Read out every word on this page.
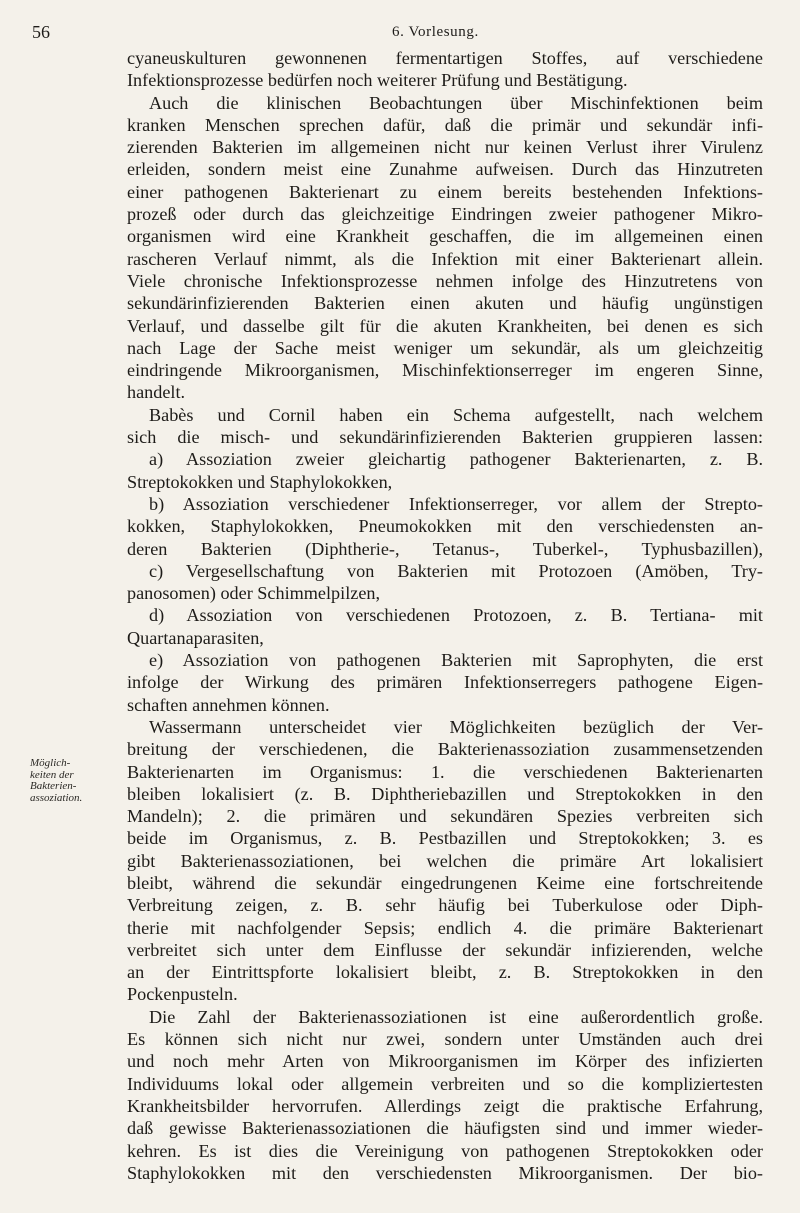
56	6. Vorlesung.
Möglich-
keiten der
Bakterien-
assoziation.
cyaneuskulturen gewonnenen fermentartigen Stoffes, auf verschiedene
Infektionsprozesse bedürfen noch weiterer Prüfung und Bestätigung.
Auch die klinischen Beobachtungen über Mischinfektionen beim
kranken Menschen sprechen dafür, daß die primär und sekundär infi-
zierenden Bakterien im allgemeinen nicht nur keinen Verlust ihrer Virulenz
erleiden, sondern meist eine Zunahme aufweisen. Durch das Hinzutreten
einer pathogenen Bakterienart zu einem bereits bestehenden Infektions-
prozeß oder durch das gleichzeitige Eindringen zweier pathogener Mikro-
organismen wird eine Krankheit geschaffen, die im allgemeinen einen
rascheren Verlauf nimmt, als die Infektion mit einer Bakterienart allein.
Viele chronische Infektionsprozesse nehmen infolge des Hinzutretens von
sekundärinfizierenden Bakterien einen akuten und häufig ungünstigen
Verlauf, und dasselbe gilt für die akuten Krankheiten, bei denen es sich
nach Lage der Sache meist weniger um sekundär, als um gleichzeitig
eindringende Mikroorganismen, Mischinfektionserreger im engeren Sinne,
handelt.
Babès und Cornil haben ein Schema aufgestellt, nach welchem
sich die misch- und sekundärinfizierenden Bakterien gruppieren lassen:
a) Assoziation zweier gleichartig pathogener Bakterienarten, z. B.
Streptokokken und Staphylokokken,
b) Assoziation verschiedener Infektionserreger, vor allem der Strepto-
kokken, Staphylokokken, Pneumokokken mit den verschiedensten an-
deren Bakterien (Diphtherie-, Tetanus-, Tuberkel-, Typhusbazillen),
c) Vergesellschaftung von Bakterien mit Protozoen (Amöben, Try-
panosomen) oder Schimmelpilzen,
d) Assoziation von verschiedenen Protozoen, z. B. Tertiana- mit
Quartanaparasiten,
e) Assoziation von pathogenen Bakterien mit Saprophyten, die erst
infolge der Wirkung des primären Infektionserregers pathogene Eigen-
schaften annehmen können.
Wassermann unterscheidet vier Möglichkeiten bezüglich der Ver-
breitung der verschiedenen, die Bakterienassoziation zusammensetzenden
Bakterienarten im Organismus: 1. die verschiedenen Bakterienarten
bleiben lokalisiert (z. B. Diphtheriebazillen und Streptokokken in den
Mandeln); 2. die primären und sekundären Spezies verbreiten sich
beide im Organismus, z. B. Pestbazillen und Streptokokken; 3. es
gibt Bakterienassoziationen, bei welchen die primäre Art lokalisiert
bleibt, während die sekundär eingedrungenen Keime eine fortschreitende
Verbreitung zeigen, z. B. sehr häufig bei Tuberkulose oder Diph-
therie mit nachfolgender Sepsis; endlich 4. die primäre Bakterienart
verbreitet sich unter dem Einflusse der sekundär infizierenden, welche
an der Eintrittspforte lokalisiert bleibt, z. B. Streptokokken in den
Pockenpusteln.
Die Zahl der Bakterienassoziationen ist eine außerordentlich große.
Es können sich nicht nur zwei, sondern unter Umständen auch drei
und noch mehr Arten von Mikroorganismen im Körper des infizierten
Individuums lokal oder allgemein verbreiten und so die kompliziertesten
Krankheitsbilder hervorrufen. Allerdings zeigt die praktische Erfahrung,
daß gewisse Bakterienassoziationen die häufigsten sind und immer wieder-
kehren. Es ist dies die Vereinigung von pathogenen Streptokokken oder
Staphylokokken mit den verschiedensten Mikroorganismen. Der bio-
